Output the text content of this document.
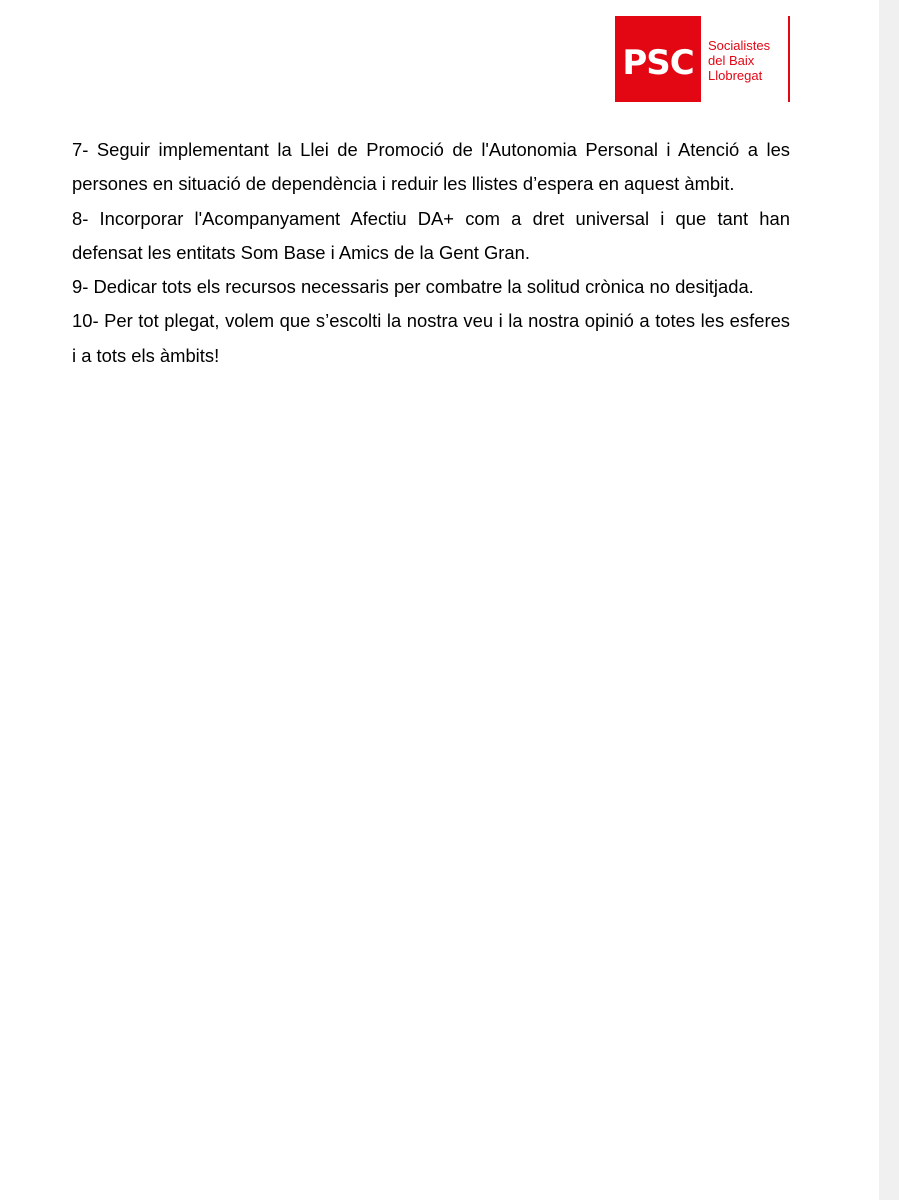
PSC Socialistes
del Baix
Llobregat

7- Seguir implementant la Llei de Promoció de l'Autonomia Personal i Atenció a les persones en situació de dependència i reduir les llistes d’espera en aquest àmbit.

8- Incorporar l'Acompanyament Afectiu DA+ com a dret universal i que tant han defensat les entitats Som Base i Amics de la Gent Gran.

9- Dedicar tots els recursos necessaris per combatre la solitud crònica no desitjada.

10- Per tot plegat, volem que s’escolti la nostra veu i la nostra opinió a totes les esferes i a tots els àmbits!
